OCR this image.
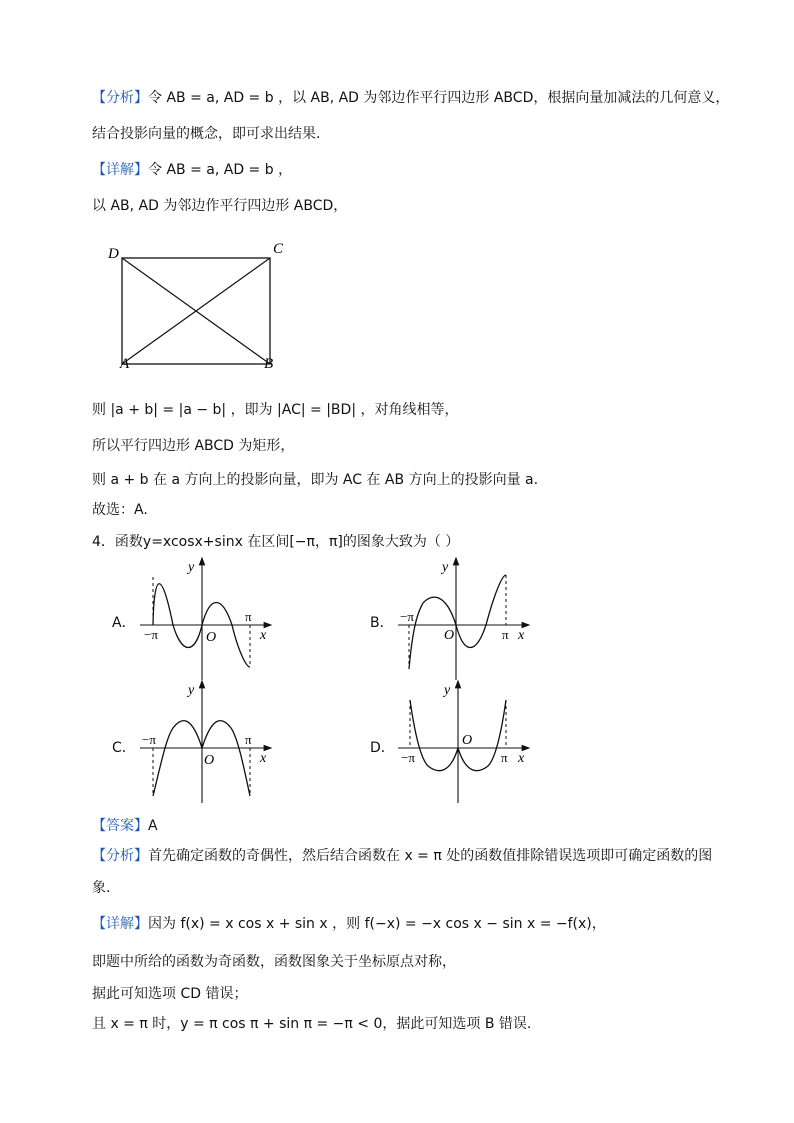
【分析】令 AB = a, AD = b ，以 AB, AD 为邻边作平行四边形 ABCD，根据向量加减法的几何意义，
结合投影向量的概念，即可求出结果.
【详解】令 AB = a, AD = b ，
以 AB, AD 为邻边作平行四边形 ABCD，
D	C
A	B
则 |a + b| = |a − b| ，即为 |AC| = |BD| ，对角线相等，
所以平行四边形 ABCD 为矩形，
则 a + b 在 a 方向上的投影向量，即为 AC 在 AB 方向上的投影向量 a.
故选：A.
4．函数y=xcosx+sinx 在区间[−π，π]的图象大致为（ ）
A．
−π
π
O	x
y
B． −π
π
O	x
y
C．
−π	π
O	x
y
D．
−π	π
O
x
y
【答案】A
【分析】首先确定函数的奇偶性，然后结合函数在 x = π 处的函数值排除错误选项即可确定函数的图
象.
【详解】因为 f(x) = x cos x + sin x ，则 f(−x) = −x cos x − sin x = −f(x)，
即题中所给的函数为奇函数，函数图象关于坐标原点对称，
据此可知选项 CD 错误；
且 x = π 时，y = π cos π + sin π = −π < 0，据此可知选项 B 错误.
